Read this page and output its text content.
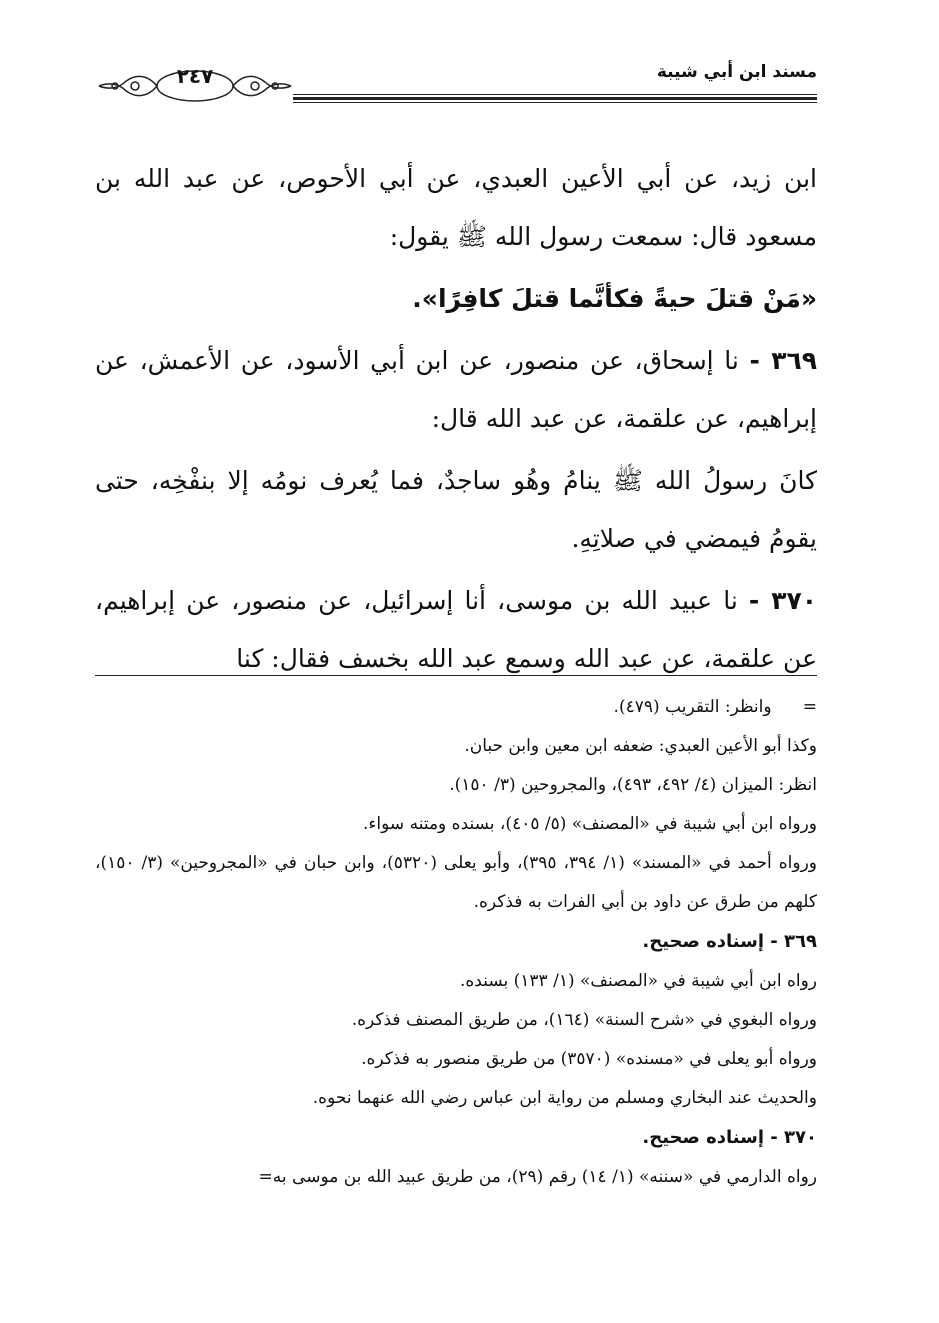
مسند ابن أبي شيبة
٢٤٧

ابن زيد، عن أبي الأعين العبدي، عن أبي الأحوص، عن عبد الله بن مسعود قال: سمعت رسول الله ﷺ يقول:

«مَنْ قتلَ حيةً فكأنَّما قتلَ كافِرًا».

٣٦٩ - نا إسحاق، عن منصور، عن ابن أبي الأسود، عن الأعمش، عن إبراهيم، عن علقمة، عن عبد الله قال:

كانَ رسولُ الله ﷺ ينامُ وهُو ساجدٌ، فما يُعرف نومُه إلا بنفْخِه، حتى يقومُ فيمضي في صلاتِهِ.

٣٧٠ - نا عبيد الله بن موسى، أنا إسرائيل، عن منصور، عن إبراهيم، عن علقمة، عن عبد الله وسمع عبد الله بخسف فقال: كنا

= وانظر: التقريب (٤٧٩).

وكذا أبو الأعين العبدي: ضعفه ابن معين وابن حبان.

انظر: الميزان (٤/ ٤٩٢، ٤٩٣)، والمجروحين (٣/ ١٥٠).

ورواه ابن أبي شيبة في «المصنف» (٥/ ٤٠٥)، بسنده ومتنه سواء.

ورواه أحمد في «المسند» (١/ ٣٩٤، ٣٩٥)، وأبو يعلى (٥٣٢٠)، وابن حبان في «المجروحين» (٣/ ١٥٠)، كلهم من طرق عن داود بن أبي الفرات به فذكره.

٣٦٩ - إسناده صحيح.

رواه ابن أبي شيبة في «المصنف» (١/ ١٣٣) بسنده.

ورواه البغوي في «شرح السنة» (١٦٤)، من طريق المصنف فذكره.

ورواه أبو يعلى في «مسنده» (٣٥٧٠) من طريق منصور به فذكره.

والحديث عند البخاري ومسلم من رواية ابن عباس رضي الله عنهما نحوه.

٣٧٠ - إسناده صحيح.

رواه الدارمي في «سننه» (١/ ١٤) رقم (٢٩)، من طريق عبيد الله بن موسى به=
